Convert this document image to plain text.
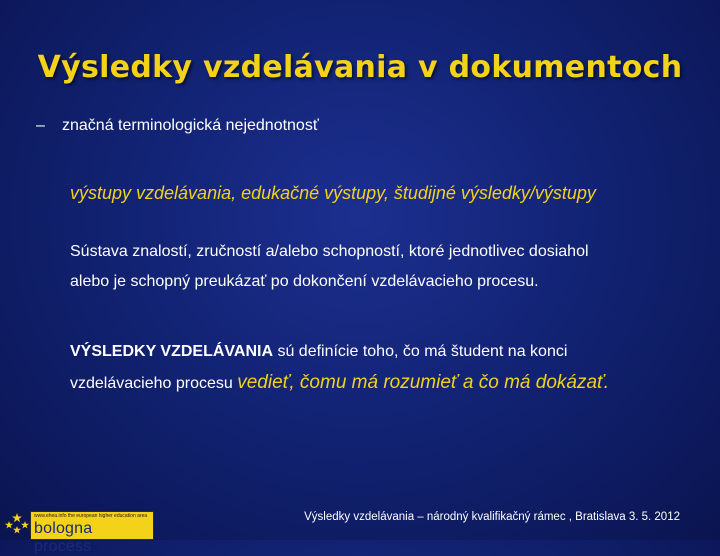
Výsledky vzdelávania v dokumentoch
– značná terminologická nejednotnosť
výstupy vzdelávania, edukačné výstupy, študijné výsledky/výstupy
Sústava znalostí, zručností a/alebo schopností, ktoré jednotlivec dosiahol
alebo je schopný preukázať po dokončení vzdelávacieho procesu.
VÝSLEDKY VZDELÁVANIA sú definície toho, čo má študent na konci
vzdelávacieho procesu vedieť, čomu má rozumieť a čo má dokázať.
www.ehea.info the european higher education area
bologna process
Výsledky vzdelávania – národný kvalifikačný rámec , Bratislava 3. 5. 2012
